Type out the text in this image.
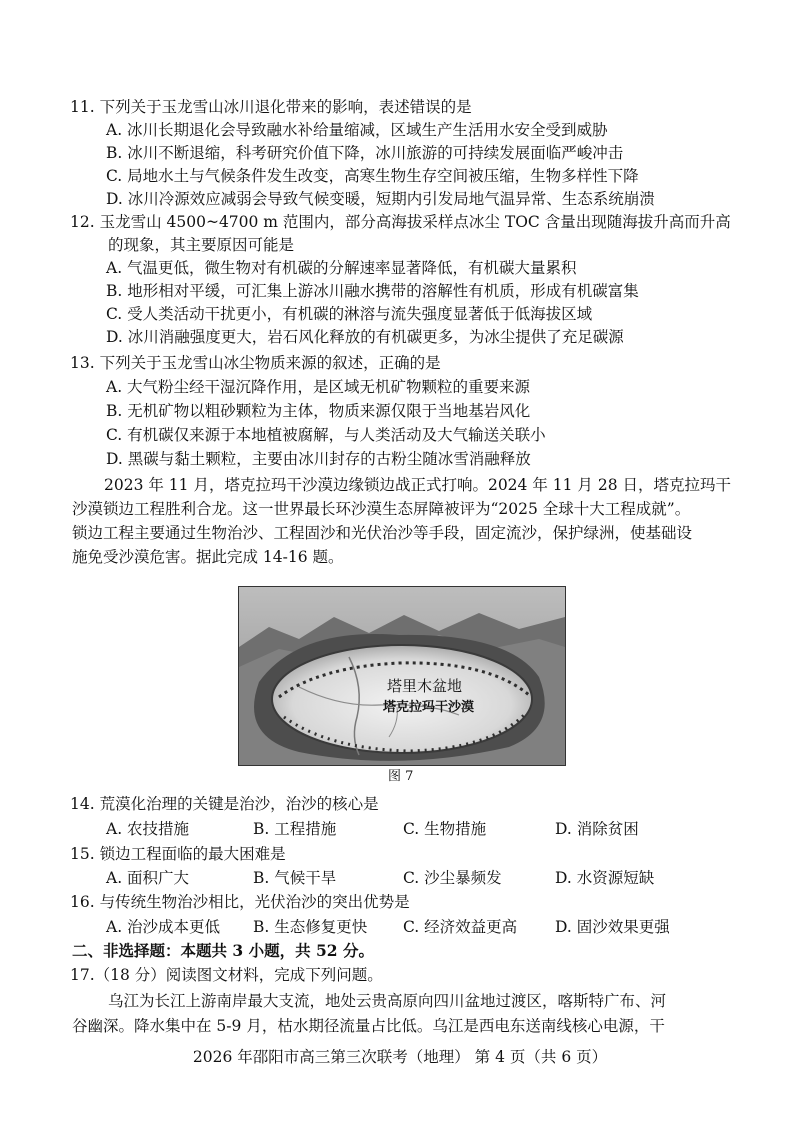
11. 下列关于玉龙雪山冰川退化带来的影响，表述错误的是
A. 冰川长期退化会导致融水补给量缩减，区域生产生活用水安全受到威胁
B. 冰川不断退缩，科考研究价值下降，冰川旅游的可持续发展面临严峻冲击
C. 局地水土与气候条件发生改变，高寒生物生存空间被压缩，生物多样性下降
D. 冰川冷源效应减弱会导致气候变暖，短期内引发局地气温异常、生态系统崩溃
12. 玉龙雪山 4500~4700 m 范围内，部分高海拔采样点冰尘 TOC 含量出现随海拔升高而升高
的现象，其主要原因可能是
A. 气温更低，微生物对有机碳的分解速率显著降低，有机碳大量累积
B. 地形相对平缓，可汇集上游冰川融水携带的溶解性有机质，形成有机碳富集
C. 受人类活动干扰更小，有机碳的淋溶与流失强度显著低于低海拔区域
D. 冰川消融强度更大，岩石风化释放的有机碳更多，为冰尘提供了充足碳源
13. 下列关于玉龙雪山冰尘物质来源的叙述，正确的是
A. 大气粉尘经干湿沉降作用，是区域无机矿物颗粒的重要来源
B. 无机矿物以粗砂颗粒为主体，物质来源仅限于当地基岩风化
C. 有机碳仅来源于本地植被腐解，与人类活动及大气输送关联小
D. 黑碳与黏土颗粒，主要由冰川封存的古粉尘随冰雪消融释放
2023 年 11 月，塔克拉玛干沙漠边缘锁边战正式打响。2024 年 11 月 28 日，塔克拉玛干
沙漠锁边工程胜利合龙。这一世界最长环沙漠生态屏障被评为“2025 全球十大工程成就”。
锁边工程主要通过生物治沙、工程固沙和光伏治沙等手段，固定流沙，保护绿洲，使基础设
施免受沙漠危害。据此完成 14-16 题。
塔里木盆地
塔克拉玛干沙漠
图 7
14. 荒漠化治理的关键是治沙，治沙的核心是
A. 农技措施	B. 工程措施	C. 生物措施	D. 消除贫困
15. 锁边工程面临的最大困难是
A. 面积广大	B. 气候干旱	C. 沙尘暴频发	D. 水资源短缺
16. 与传统生物治沙相比，光伏治沙的突出优势是
A. 治沙成本更低 B. 生态修复更快 C. 经济效益更高 D. 固沙效果更强
二、非选择题：本题共 3 小题，共 52 分。
17.（18 分）阅读图文材料，完成下列问题。
乌江为长江上游南岸最大支流，地处云贵高原向四川盆地过渡区，喀斯特广布、河
谷幽深。降水集中在 5-9 月，枯水期径流量占比低。乌江是西电东送南线核心电源，干
2026 年邵阳市高三第三次联考（地理） 第 4 页（共 6 页）
